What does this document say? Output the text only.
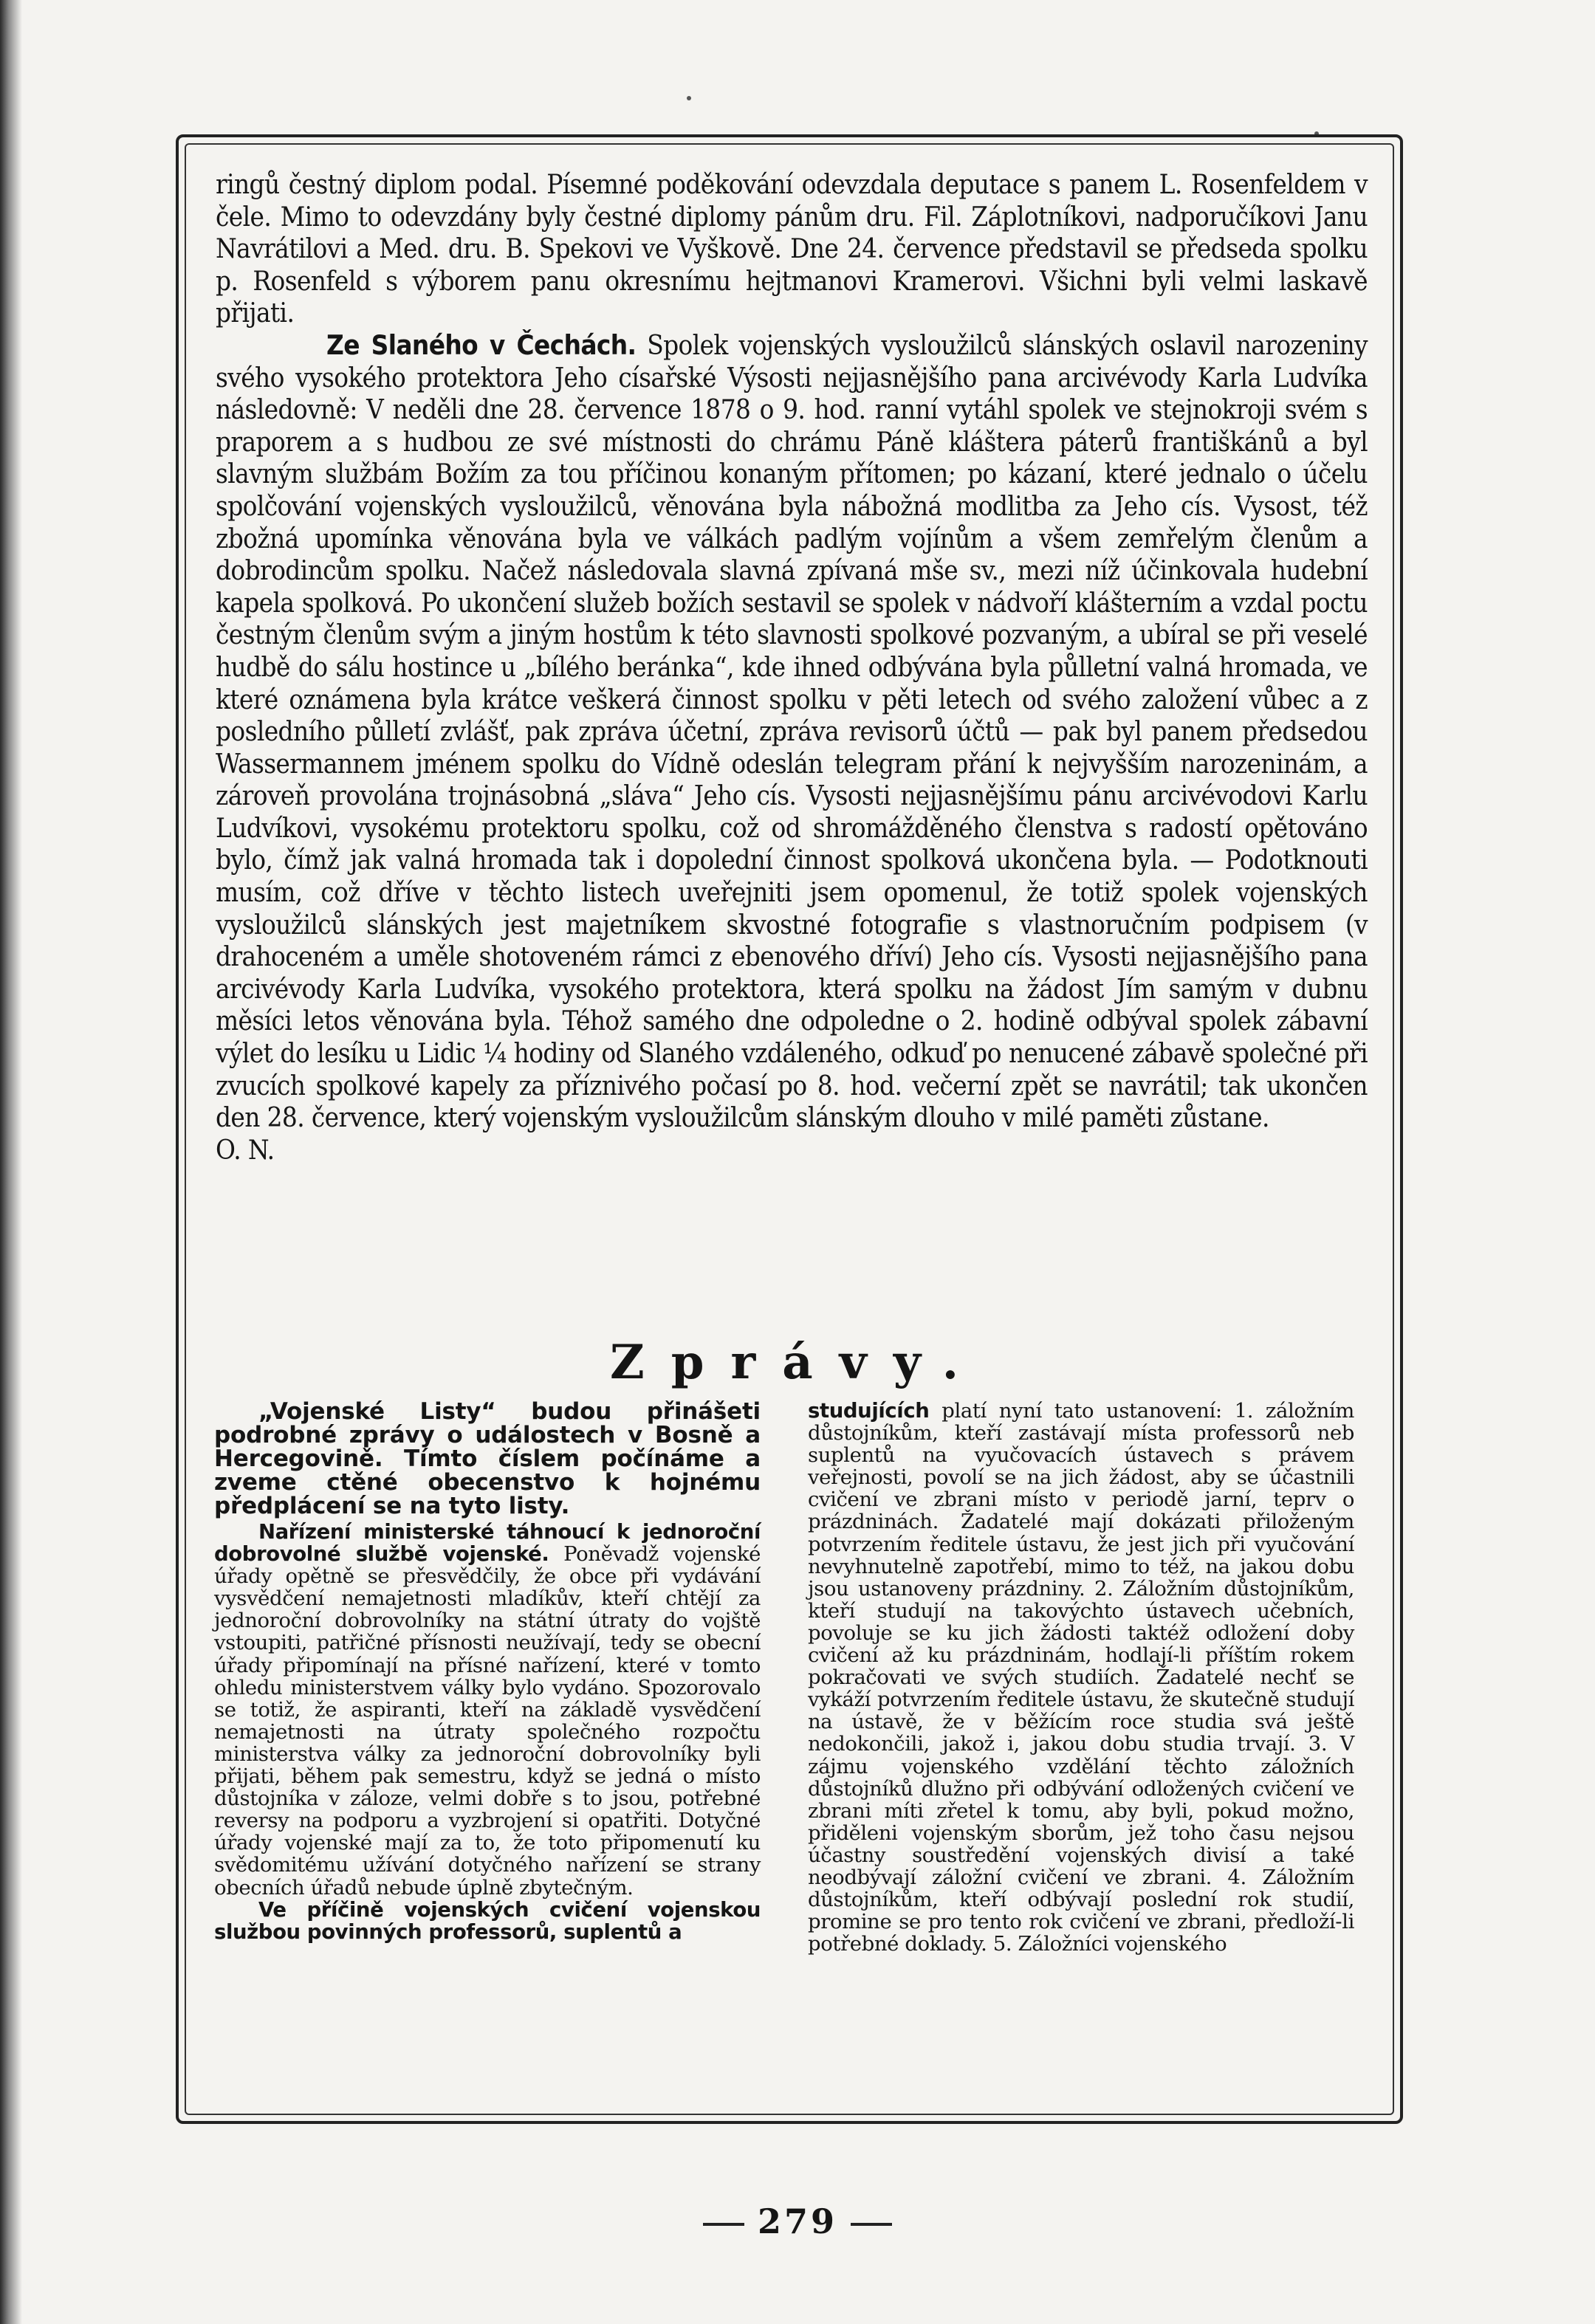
ringů čestný diplom podal. Písemné poděkování odevzdala deputace s panem L. Rosenfeldem v čele. Mimo to odevzdány byly čestné diplomy pánům dru. Fil. Záplotníkovi, nadporučíkovi Janu Navrátilovi a Med. dru. B. Spekovi ve Vyškově. Dne 24. července představil se předseda spolku p. Rosenfeld s výborem panu okresnímu hejtmanovi Kramerovi. Všichni byli velmi laskavě přijati.

Ze Slaného v Čechách. Spolek vojenských vysloužilců slánských oslavil narozeniny svého vysokého protektora Jeho císařské Výsosti nejjasnějšího pana arcivévody Karla Ludvíka následovně: V neděli dne 28. července 1878 o 9. hod. ranní vytáhl spolek ve stejnokroji svém s praporem a s hudbou ze své místnosti do chrámu Páně kláštera páterů františkánů a byl slavným službám Božím za tou příčinou konaným přítomen; po kázaní, které jednalo o účelu spolčování vojenských vysloužilců, věnována byla nábožná modlitba za Jeho cís. Vysost, též zbožná upomínka věnována byla ve válkách padlým vojínům a všem zemřelým členům a dobrodincům spolku. Načež následovala slavná zpívaná mše sv., mezi níž účinkovala hudební kapela spolková. Po ukončení služeb božích sestavil se spolek v nádvoří klášterním a vzdal poctu čestným členům svým a jiným hostům k této slavnosti spolkové pozvaným, a ubíral se při veselé hudbě do sálu hostince u „bílého beránka“, kde ihned odbývána byla půlletní valná hromada, ve které oznámena byla krátce veškerá činnost spolku v pěti letech od svého založení vůbec a z posledního půlletí zvlášť, pak zpráva účetní, zpráva revisorů účtů — pak byl panem předsedou Wassermannem jménem spolku do Vídně odeslán telegram přání k nejvyšším narozeninám, a zároveň provolána trojnásobná „sláva“ Jeho cís. Vysosti nejjasnějšímu pánu arcivévodovi Karlu Ludvíkovi, vysokému protektoru spolku, což od shromážděného členstva s radostí opětováno bylo, čímž jak valná hromada tak i dopolední činnost spolková ukončena byla. — Podotknouti musím, což dříve v těchto listech uveřejniti jsem opomenul, že totiž spolek vojenských vysloužilců slánských jest majetníkem skvostné fotografie s vlastnoručním podpisem (v drahoceném a uměle shotoveném rámci z ebenového dříví) Jeho cís. Vysosti nejjasnějšího pana arcivévody Karla Ludvíka, vysokého protektora, která spolku na žádost Jím samým v dubnu měsíci letos věnována byla. Téhož samého dne odpoledne o 2. hodině odbýval spolek zábavní výlet do lesíku u Lidic ¼ hodiny od Slaného vzdáleného, odkuď po nenucené zábavě společné při zvucích spolkové kapely za příznivého počasí po 8. hod. večerní zpět se navrátil; tak ukončen den 28. července, který vojenským vysloužilcům slánským dlouho v milé paměti zůstane.

O. N.

Zprávy.

„Vojenské Listy“ budou přinášeti podrobné zprávy o událostech v Bosně a Hercegovině. Tímto číslem počínáme a zveme ctěné obecenstvo k hojnému předplácení se na tyto listy.

Nařízení ministerské táhnoucí k jednoroční dobrovolné službě vojenské. Poněvadž vojenské úřady opětně se přesvědčily, že obce při vydávání vysvědčení nemajetnosti mladíkův, kteří chtějí za jednoroční dobrovolníky na státní útraty do vojště vstoupiti, patřičné přísnosti neužívají, tedy se obecní úřady připomínají na přísné nařízení, které v tomto ohledu ministerstvem války bylo vydáno. Spozorovalo se totiž, že aspiranti, kteří na základě vysvědčení nemajetnosti na útraty společného rozpočtu ministerstva války za jednoroční dobrovolníky byli přijati, během pak semestru, když se jedná o místo důstojníka v záloze, velmi dobře s to jsou, potřebné reversy na podporu a vyzbrojení si opatřiti. Dotyčné úřady vojenské mají za to, že toto připomenutí ku svědomitému užívání dotyčného nařízení se strany obecních úřadů nebude úplně zbytečným.

Ve příčině vojenských cvičení vojenskou službou povinných professorů, suplentů a

studujících platí nyní tato ustanovení: 1. záložním důstojníkům, kteří zastávají místa professorů neb suplentů na vyučovacích ústavech s právem veřejnosti, povolí se na jich žádost, aby se účastnili cvičení ve zbrani místo v periodě jarní, teprv o prázdninách. Žadatelé mají dokázati přiloženým potvrzením ředitele ústavu, že jest jich při vyučování nevyhnutelně zapotřebí, mimo to též, na jakou dobu jsou ustanoveny prázdniny. 2. Záložním důstojníkům, kteří studují na takovýchto ústavech učebních, povoluje se ku jich žádosti taktéž odložení doby cvičení až ku prázdninám, hodlají-li příštím rokem pokračovati ve svých studiích. Žadatelé nechť se vykáží potvrzením ředitele ústavu, že skutečně studují na ústavě, že v běžícím roce studia svá ještě nedokončili, jakož i, jakou dobu studia trvají. 3. V zájmu vojenského vzdělání těchto záložních důstojníků dlužno při odbývání odložených cvičení ve zbrani míti zřetel k tomu, aby byli, pokud možno, přiděleni vojenským sborům, jež toho času nejsou účastny soustředění vojenských divisí a také neodbývají záložní cvičení ve zbrani. 4. Záložním důstojníkům, kteří odbývají poslední rok studií, promine se pro tento rok cvičení ve zbrani, předloží-li potřebné doklady. 5. Záložníci vojenského

279
